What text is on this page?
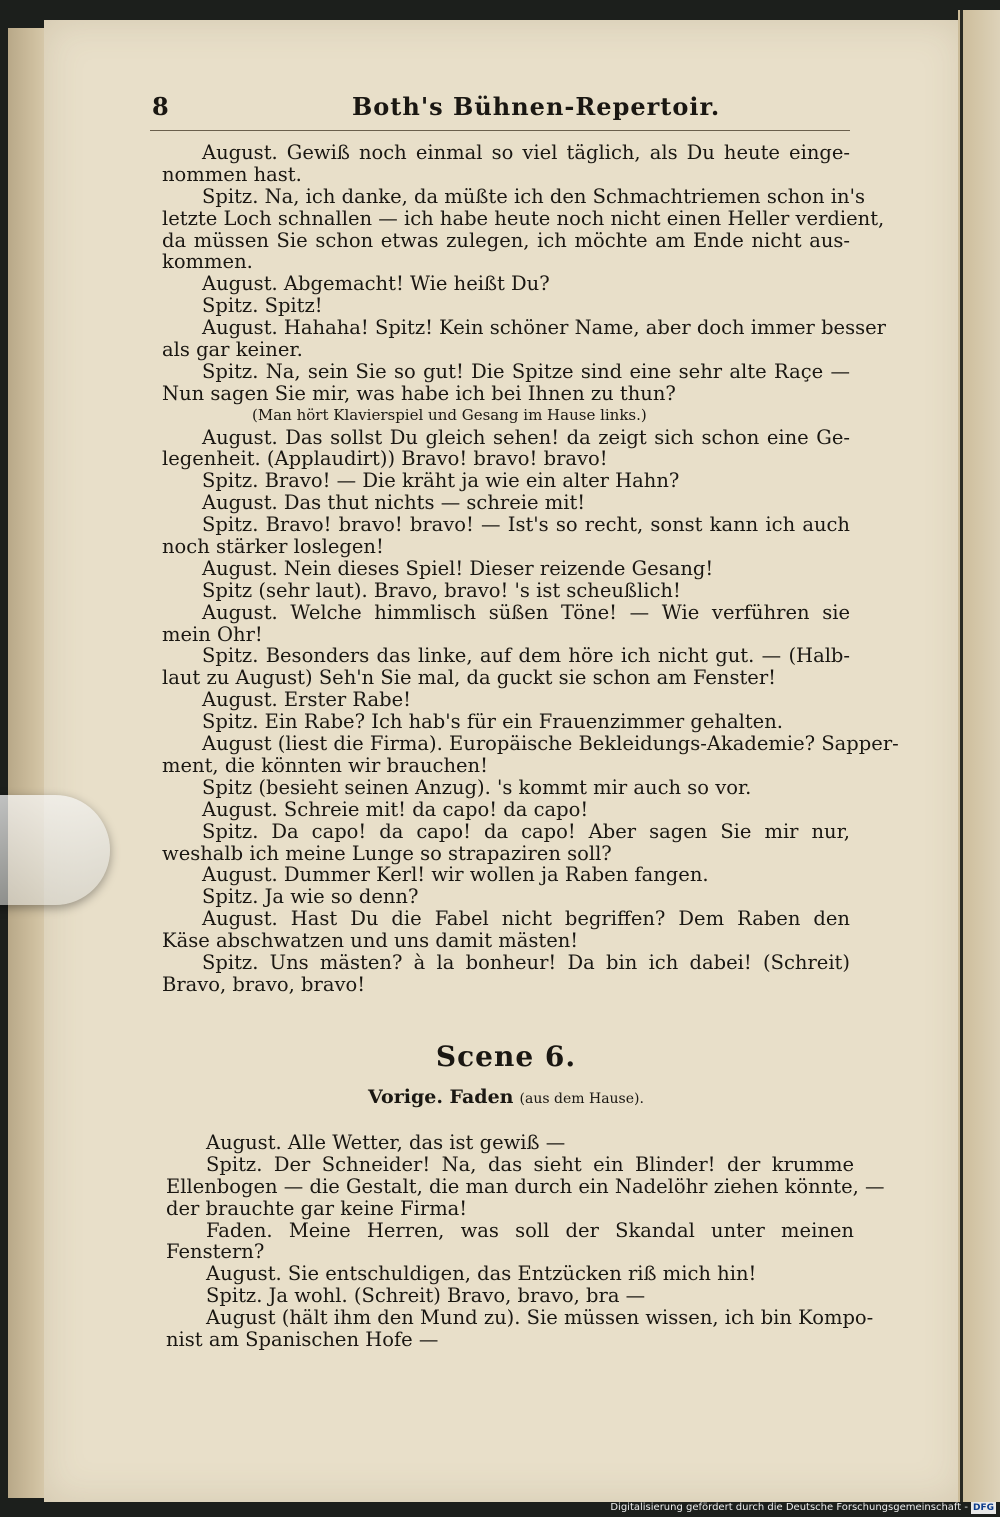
8	Both's Bühnen-Repertoir.
August. Gewiß noch einmal so viel täglich, als Du heute einge-
nommen hast.
Spitz. Na, ich danke, da müßte ich den Schmachtriemen schon in's
letzte Loch schnallen — ich habe heute noch nicht einen Heller verdient,
da müssen Sie schon etwas zulegen, ich möchte am Ende nicht aus-
kommen.
August. Abgemacht! Wie heißt Du?
Spitz. Spitz!
August. Hahaha! Spitz! Kein schöner Name, aber doch immer besser
als gar keiner.
Spitz. Na, sein Sie so gut! Die Spitze sind eine sehr alte Raçe —
Nun sagen Sie mir, was habe ich bei Ihnen zu thun?
(Man hört Klavierspiel und Gesang im Hause links.)
August. Das sollst Du gleich sehen! da zeigt sich schon eine Ge-
legenheit. (Applaudirt)) Bravo! bravo! bravo!
Spitz. Bravo! — Die kräht ja wie ein alter Hahn?
August. Das thut nichts — schreie mit!
Spitz. Bravo! bravo! bravo! — Ist's so recht, sonst kann ich auch
noch stärker loslegen!
August. Nein dieses Spiel! Dieser reizende Gesang!
Spitz (sehr laut). Bravo, bravo! 's ist scheußlich!
August. Welche himmlisch süßen Töne! — Wie verführen sie
mein Ohr!
Spitz. Besonders das linke, auf dem höre ich nicht gut. — (Halb-
laut zu August) Seh'n Sie mal, da guckt sie schon am Fenster!
August. Erster Rabe!
Spitz. Ein Rabe? Ich hab's für ein Frauenzimmer gehalten.
August (liest die Firma). Europäische Bekleidungs-Akademie? Sapper-
ment, die könnten wir brauchen!
Spitz (besieht seinen Anzug). 's kommt mir auch so vor.
August. Schreie mit! da capo! da capo!
Spitz. Da capo! da capo! da capo! Aber sagen Sie mir nur,
weshalb ich meine Lunge so strapaziren soll?
August. Dummer Kerl! wir wollen ja Raben fangen.
Spitz. Ja wie so denn?
August. Hast Du die Fabel nicht begriffen? Dem Raben den
Käse abschwatzen und uns damit mästen!
Spitz. Uns mästen? à la bonheur! Da bin ich dabei! (Schreit)
Bravo, bravo, bravo!
Scene 6.
Vorige. Faden (aus dem Hause).
August. Alle Wetter, das ist gewiß —
Spitz. Der Schneider! Na, das sieht ein Blinder! der krumme
Ellenbogen — die Gestalt, die man durch ein Nadelöhr ziehen könnte, —
der brauchte gar keine Firma!
Faden. Meine Herren, was soll der Skandal unter meinen
Fenstern?
August. Sie entschuldigen, das Entzücken riß mich hin!
Spitz. Ja wohl. (Schreit) Bravo, bravo, bra —
August (hält ihm den Mund zu). Sie müssen wissen, ich bin Kompo-
nist am Spanischen Hofe —
Digitalisierung gefördert durch die Deutsche Forschungsgemeinschaft - DFG
